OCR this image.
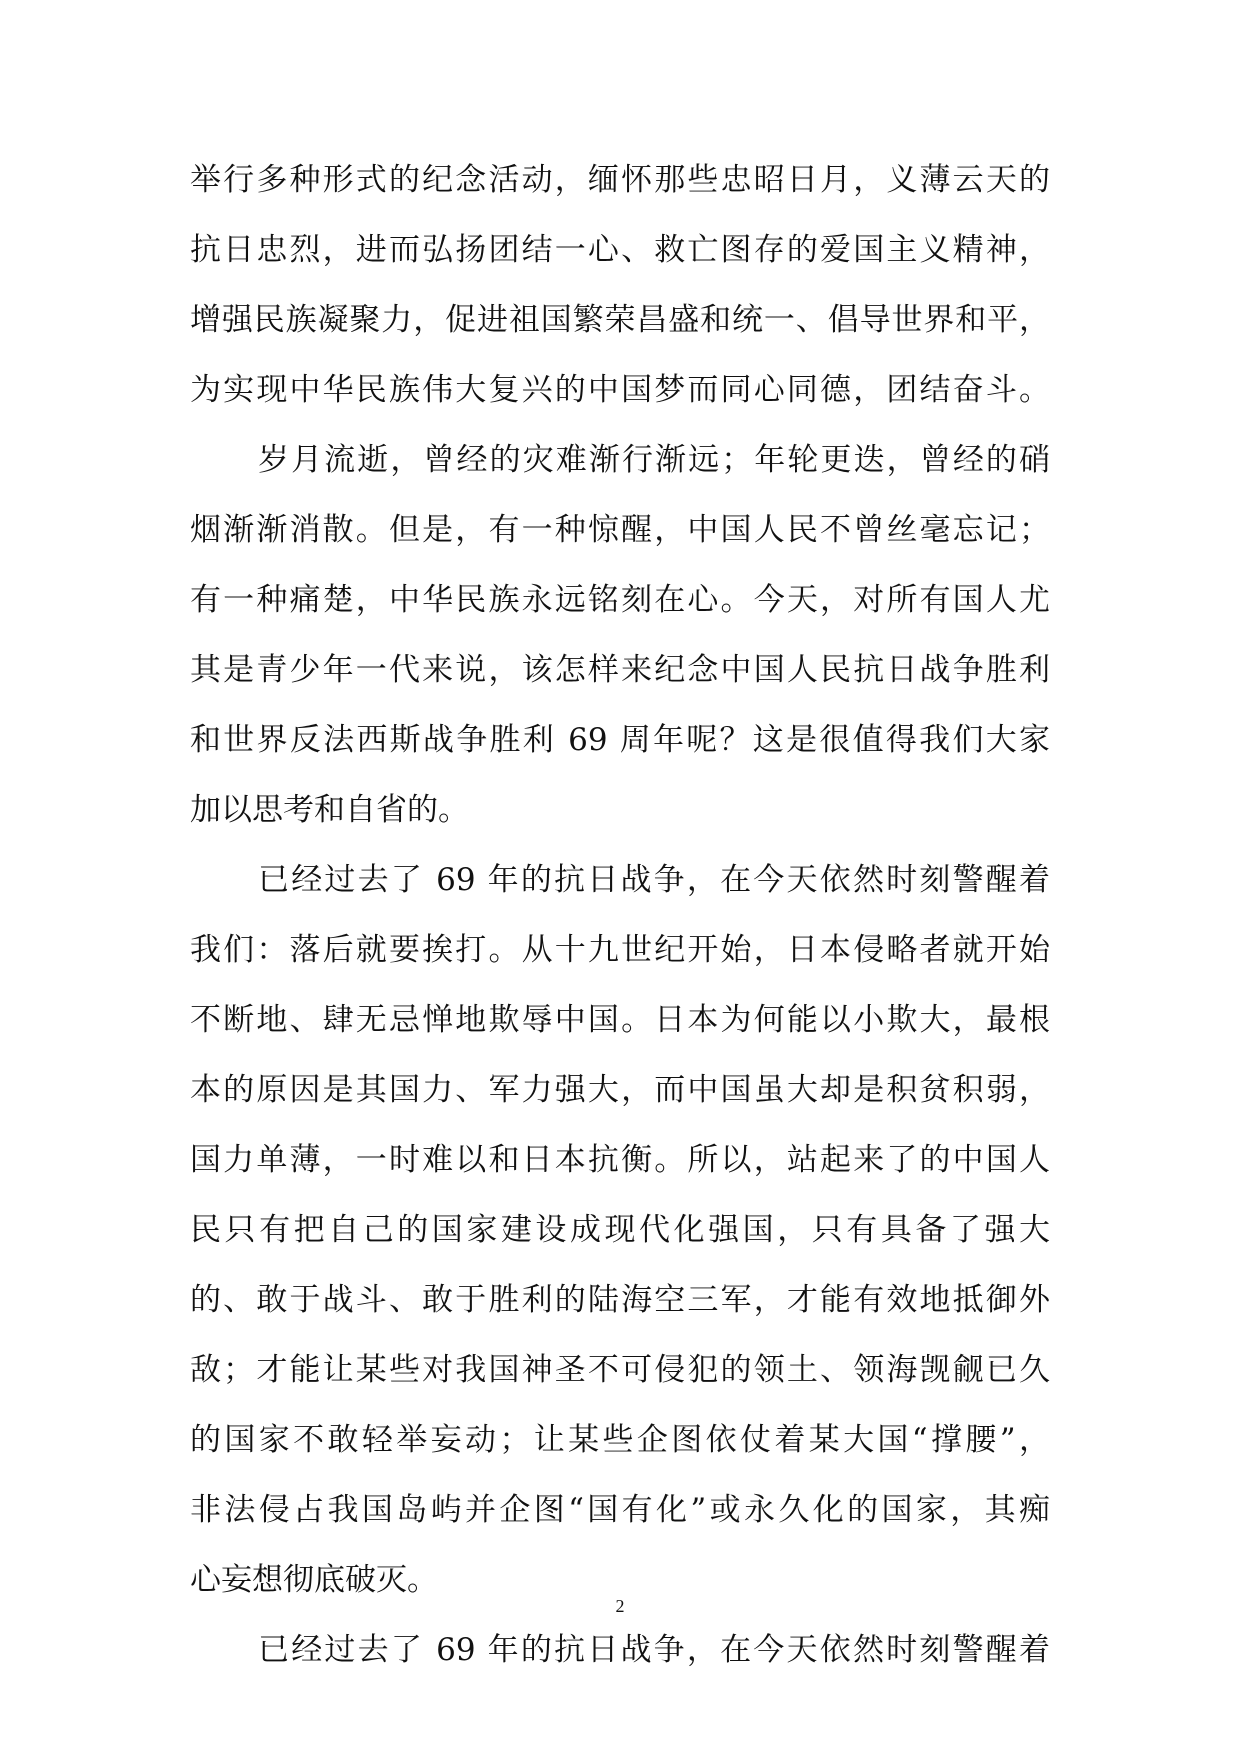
举行多种形式的纪念活动，缅怀那些忠昭日月，义薄云天的
抗日忠烈，进而弘扬团结一心、救亡图存的爱国主义精神，
增强民族凝聚力，促进祖国繁荣昌盛和统一、倡导世界和平，
为实现中华民族伟大复兴的中国梦而同心同德，团结奋斗。
岁月流逝，曾经的灾难渐行渐远；年轮更迭，曾经的硝
烟渐渐消散。但是，有一种惊醒，中国人民不曾丝毫忘记；
有一种痛楚，中华民族永远铭刻在心。今天，对所有国人尤
其是青少年一代来说，该怎样来纪念中国人民抗日战争胜利
和世界反法西斯战争胜利 69 周年呢？这是很值得我们大家
加以思考和自省的。
已经过去了 69 年的抗日战争，在今天依然时刻警醒着
我们：落后就要挨打。从十九世纪开始，日本侵略者就开始
不断地、肆无忌惮地欺辱中国。日本为何能以小欺大，最根
本的原因是其国力、军力强大，而中国虽大却是积贫积弱，
国力单薄，一时难以和日本抗衡。所以，站起来了的中国人
民只有把自己的国家建设成现代化强国，只有具备了强大
的、敢于战斗、敢于胜利的陆海空三军，才能有效地抵御外
敌；才能让某些对我国神圣不可侵犯的领土、领海觊觎已久
的国家不敢轻举妄动；让某些企图依仗着某大国“撑腰”，
非法侵占我国岛屿并企图“国有化”或永久化的国家，其痴
心妄想彻底破灭。
已经过去了 69 年的抗日战争，在今天依然时刻警醒着
2
